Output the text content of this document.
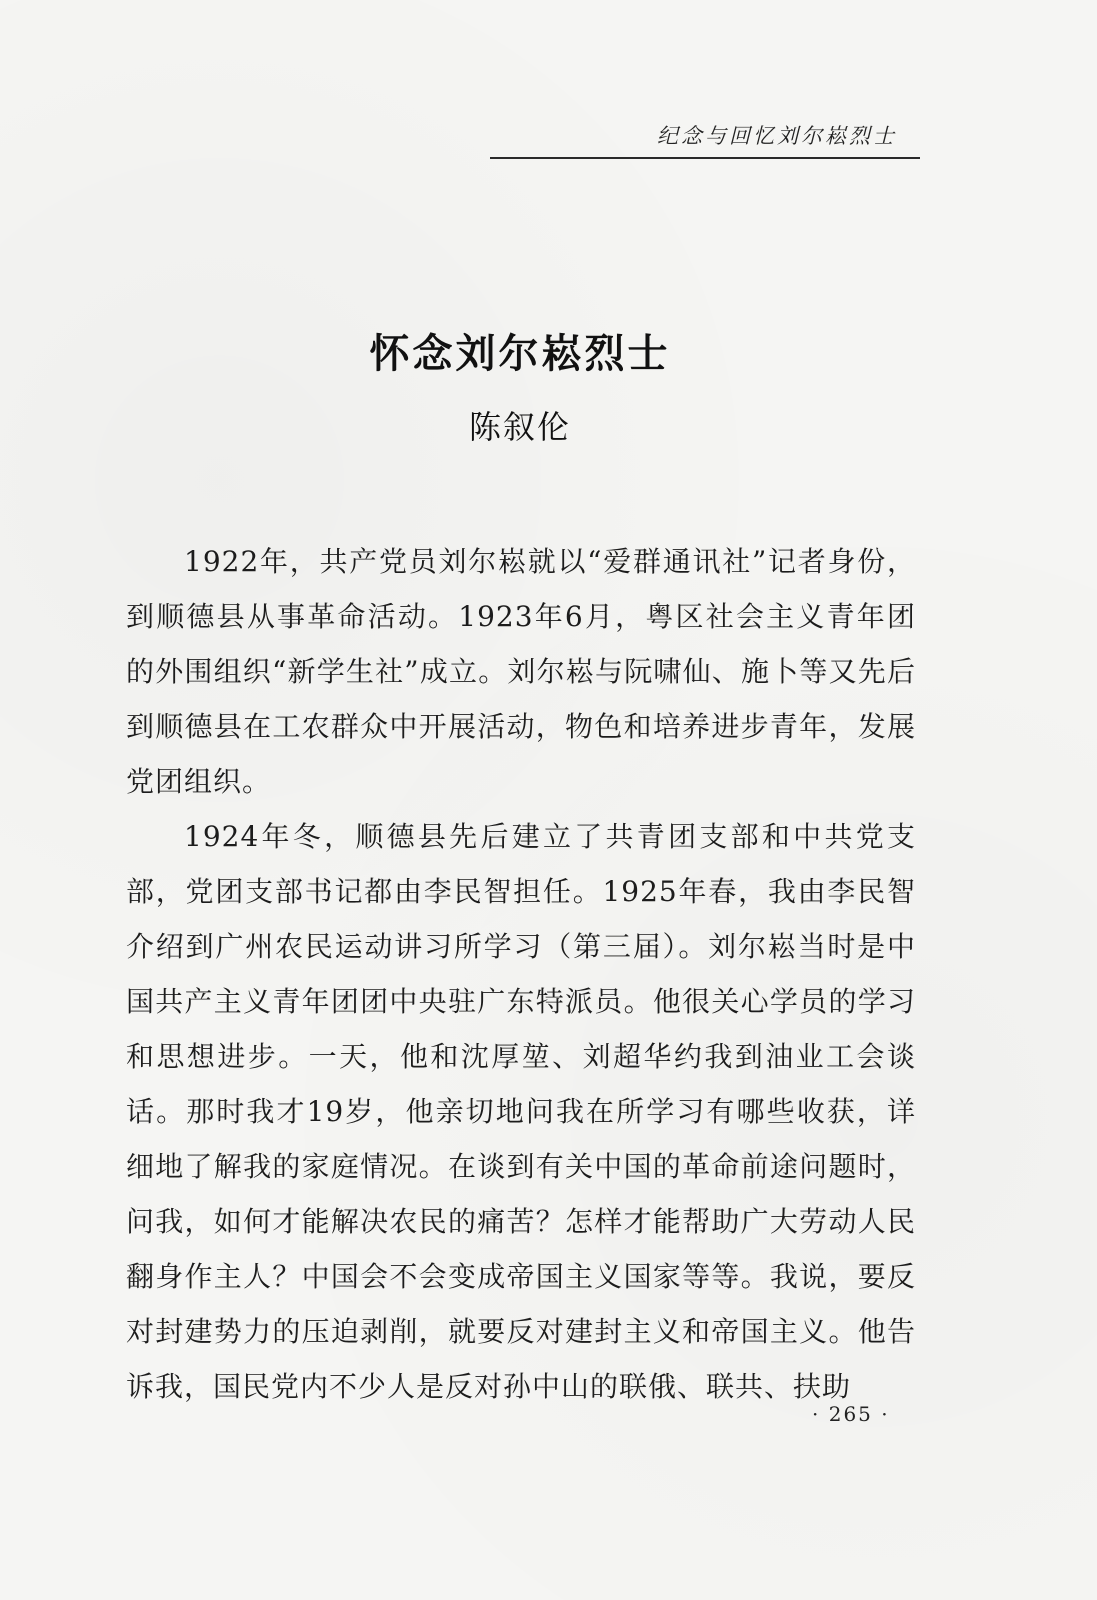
纪念与回忆刘尔崧烈士
怀念刘尔崧烈士
陈叙伦

1922年，共产党员刘尔崧就以“爱群通讯社”记者身份，到顺德县从事革命活动。1923年6月，粤区社会主义青年团的外围组织“新学生社”成立。刘尔崧与阮啸仙、施卜等又先后到顺德县在工农群众中开展活动，物色和培养进步青年，发展党团组织。

1924年冬，顺德县先后建立了共青团支部和中共党支部，党团支部书记都由李民智担任。1925年春，我由李民智介绍到广州农民运动讲习所学习（第三届）。刘尔崧当时是中国共产主义青年团团中央驻广东特派员。他很关心学员的学习和思想进步。一天，他和沈厚堃、刘超华约我到油业工会谈话。那时我才19岁，他亲切地问我在所学习有哪些收获，详细地了解我的家庭情况。在谈到有关中国的革命前途问题时，问我，如何才能解决农民的痛苦？怎样才能帮助广大劳动人民翻身作主人？中国会不会变成帝国主义国家等等。我说，要反对封建势力的压迫剥削，就要反对建封主义和帝国主义。他告诉我，国民党内不少人是反对孙中山的联俄、联共、扶助

· 265 ·
